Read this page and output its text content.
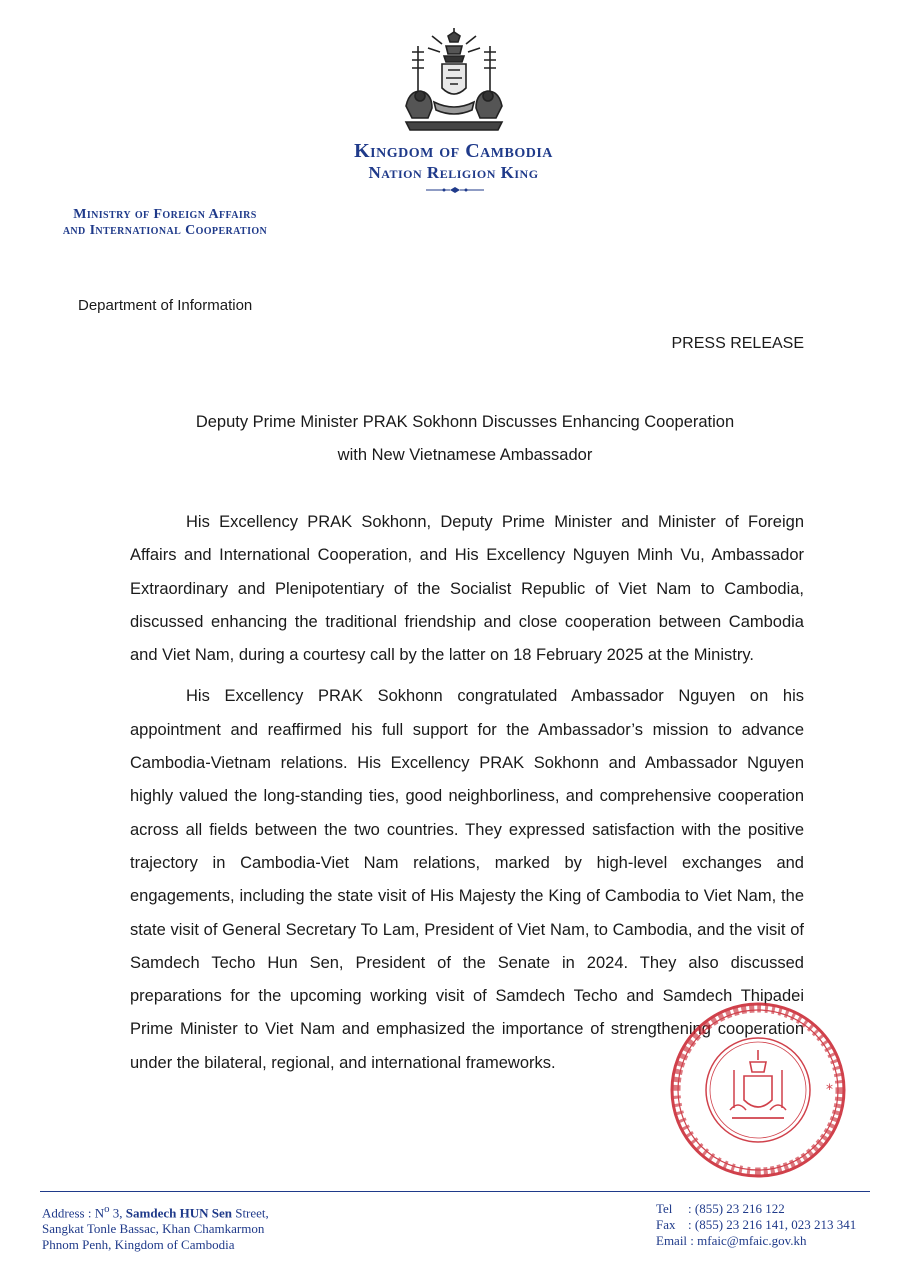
Kingdom of Cambodia
Nation Religion King
Ministry of Foreign Affairs
and International Cooperation
Department of Information
PRESS RELEASE
Deputy Prime Minister PRAK Sokhonn Discusses Enhancing Cooperation
with New Vietnamese Ambassador

His Excellency PRAK Sokhonn, Deputy Prime Minister and Minister of Foreign Affairs and International Cooperation, and His Excellency Nguyen Minh Vu, Ambassador Extraordinary and Plenipotentiary of the Socialist Republic of Viet Nam to Cambodia, discussed enhancing the traditional friendship and close cooperation between Cambodia and Viet Nam, during a courtesy call by the latter on 18 February 2025 at the Ministry.

His Excellency PRAK Sokhonn congratulated Ambassador Nguyen on his appointment and reaffirmed his full support for the Ambassador’s mission to advance Cambodia-Vietnam relations. His Excellency PRAK Sokhonn and Ambassador Nguyen highly valued the long-standing ties, good neighborliness, and comprehensive cooperation across all fields between the two countries. They expressed satisfaction with the positive trajectory in Cambodia-Viet Nam relations, marked by high-level exchanges and engagements, including the state visit of His Majesty the King of Cambodia to Viet Nam, the state visit of General Secretary To Lam, President of Viet Nam, to Cambodia, and the visit of Samdech Techo Hun Sen, President of the Senate in 2024. They also discussed preparations for the upcoming working visit of Samdech Techo and Samdech Thipadei Prime Minister to Viet Nam and emphasized the importance of strengthening cooperation under the bilateral, regional, and international frameworks.

*
Address : $N^o$ 3, Samdech HUN Sen Street,
Sangkat Tonle Bassac, Khan Chamkarmon
Phnom Penh, Kingdom of Cambodia
Tel : (855) 23 216 122
Fax : (855) 23 216 141, 023 213 341
Email : mfaic@mfaic.gov.kh
